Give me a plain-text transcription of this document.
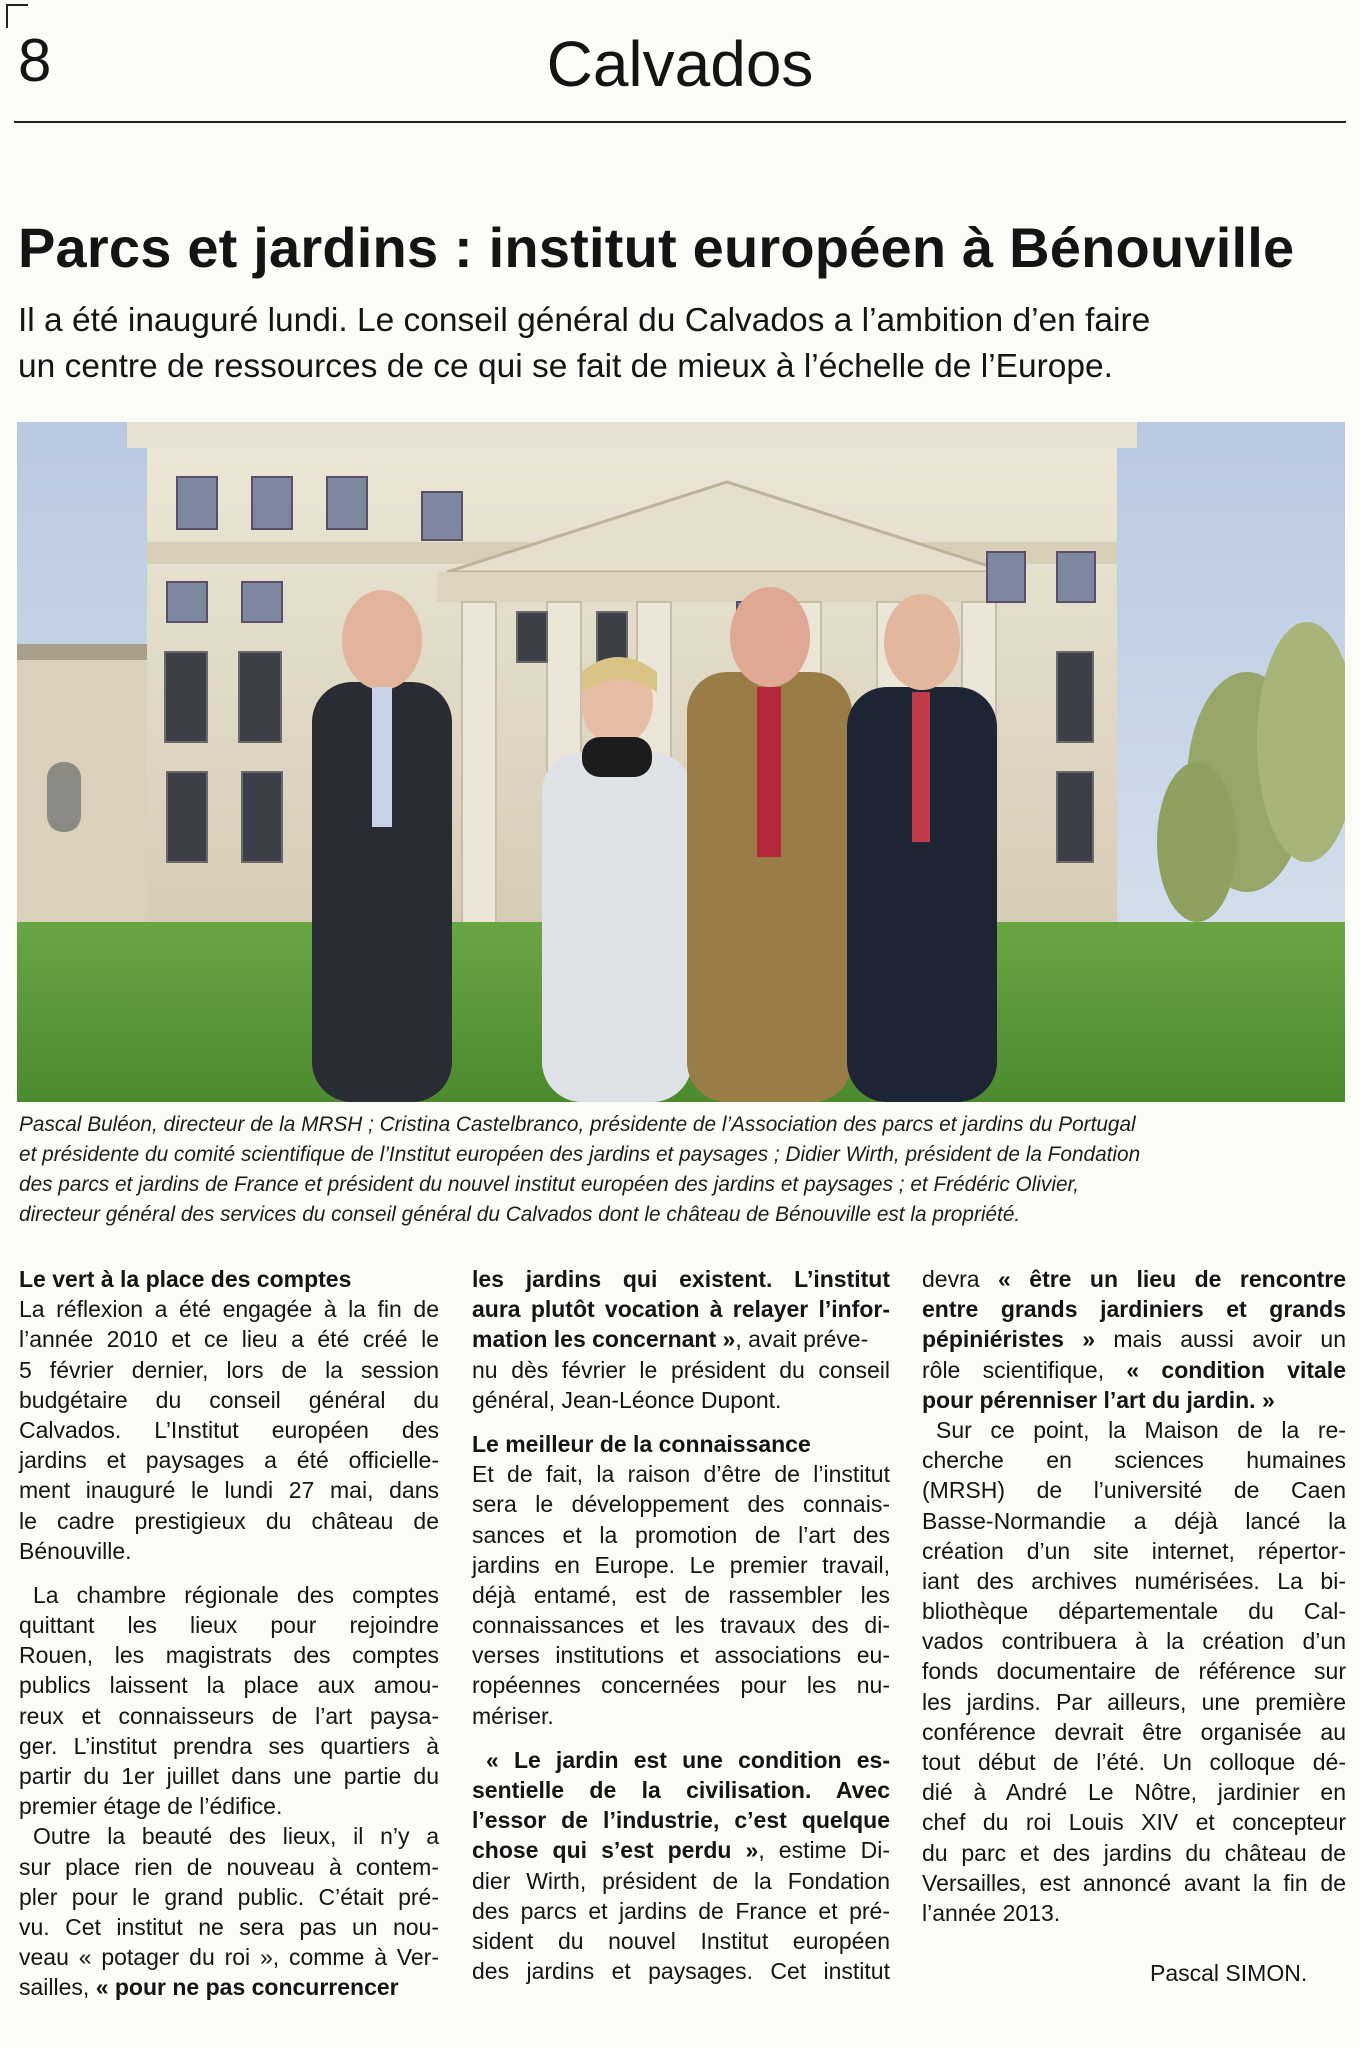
8	Calvados
Parcs et jardins : institut européen à Bénouville
Il a été inauguré lundi. Le conseil général du Calvados a l’ambition d’en faire
un centre de ressources de ce qui se fait de mieux à l’échelle de l’Europe.
Pascal Buléon, directeur de la MRSH ; Cristina Castelbranco, présidente de l’Association des parcs et jardins du Portugal
et présidente du comité scientifique de l’Institut européen des jardins et paysages ; Didier Wirth, président de la Fondation
des parcs et jardins de France et président du nouvel institut européen des jardins et paysages ; et Frédéric Olivier,
directeur général des services du conseil général du Calvados dont le château de Bénouville est la propriété.
Le vert à la place des comptes
La réflexion a été engagée à la fin de
l’année 2010 et ce lieu a été créé le
5 février dernier, lors de la session
budgétaire du conseil général du
Calvados. L’Institut européen des
jardins et paysages a été officielle-
ment inauguré le lundi 27 mai, dans
le cadre prestigieux du château de
Bénouville.
La chambre régionale des comptes
quittant les lieux pour rejoindre
Rouen, les magistrats des comptes
publics laissent la place aux amou-
reux et connaisseurs de l’art paysa-
ger. L’institut prendra ses quartiers à
partir du 1er juillet dans une partie du
premier étage de l’édifice.
Outre la beauté des lieux, il n’y a
sur place rien de nouveau à contem-
pler pour le grand public. C’était pré-
vu. Cet institut ne sera pas un nou-
veau « potager du roi », comme à Ver-
sailles, « pour ne pas concurrencer
les jardins qui existent. L’institut
aura plutôt vocation à relayer l’infor-
mation les concernant », avait préve-
nu dès février le président du conseil
général, Jean-Léonce Dupont.
Le meilleur de la connaissance
Et de fait, la raison d’être de l’institut
sera le développement des connais-
sances et la promotion de l’art des
jardins en Europe. Le premier travail,
déjà entamé, est de rassembler les
connaissances et les travaux des di-
verses institutions et associations eu-
ropéennes concernées pour les nu-
mériser.
« Le jardin est une condition es-
sentielle de la civilisation. Avec
l’essor de l’industrie, c’est quelque
chose qui s’est perdu », estime Di-
dier Wirth, président de la Fondation
des parcs et jardins de France et pré-
sident du nouvel Institut européen
des jardins et paysages. Cet institut
devra « être un lieu de rencontre
entre grands jardiniers et grands
pépiniéristes » mais aussi avoir un
rôle scientifique, « condition vitale
pour pérenniser l’art du jardin. »
Sur ce point, la Maison de la re-
cherche en sciences humaines
(MRSH) de l’université de Caen
Basse-Normandie a déjà lancé la
création d’un site internet, répertor-
iant des archives numérisées. La bi-
bliothèque départementale du Cal-
vados contribuera à la création d’un
fonds documentaire de référence sur
les jardins. Par ailleurs, une première
conférence devrait être organisée au
tout début de l’été. Un colloque dé-
dié à André Le Nôtre, jardinier en
chef du roi Louis XIV et concepteur
du parc et des jardins du château de
Versailles, est annoncé avant la fin de
l’année 2013.
Pascal SIMON.
